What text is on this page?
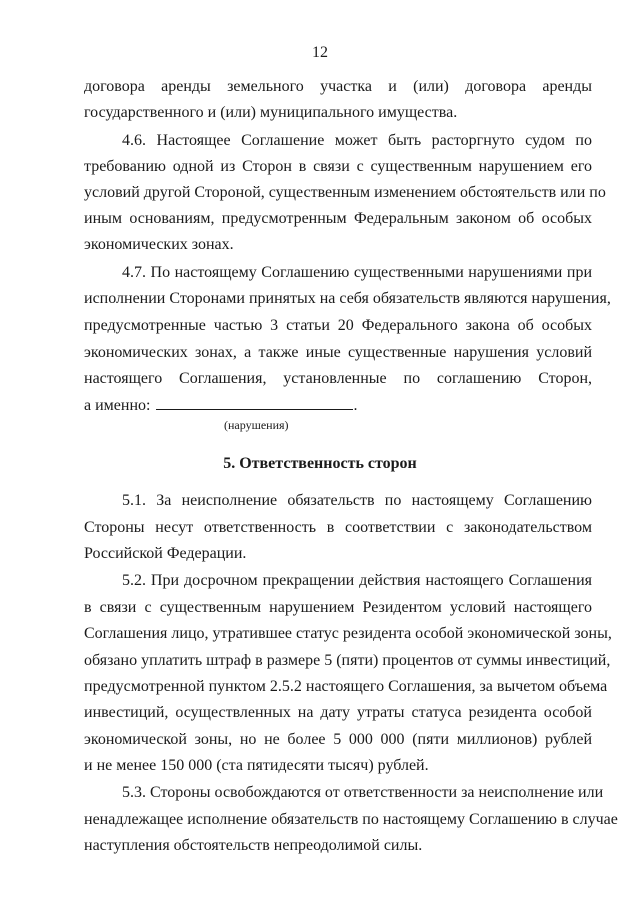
12
договора аренды земельного участка и (или) договора аренды
государственного и (или) муниципального имущества.
4.6. Настоящее Соглашение может быть расторгнуто судом по
требованию одной из Сторон в связи с существенным нарушением его
условий другой Стороной, существенным изменением обстоятельств или по
иным основаниям, предусмотренным Федеральным законом об особых
экономических зонах.
4.7. По настоящему Соглашению существенными нарушениями при
исполнении Сторонами принятых на себя обязательств являются нарушения,
предусмотренные частью 3 статьи 20 Федерального закона об особых
экономических зонах, а также иные существенные нарушения условий
настоящего Соглашения, установленные по соглашению Сторон,
а именно:	.
(нарушения)
5. Ответственность сторон
5.1. За неисполнение обязательств по настоящему Соглашению
Стороны несут ответственность в соответствии с законодательством
Российской Федерации.
5.2. При досрочном прекращении действия настоящего Соглашения
в связи с существенным нарушением Резидентом условий настоящего
Соглашения лицо, утратившее статус резидента особой экономической зоны,
обязано уплатить штраф в размере 5 (пяти) процентов от суммы инвестиций,
предусмотренной пунктом 2.5.2 настоящего Соглашения, за вычетом объема
инвестиций, осуществленных на дату утраты статуса резидента особой
экономической зоны, но не более 5 000 000 (пяти миллионов) рублей
и не менее 150 000 (ста пятидесяти тысяч) рублей.
5.3. Стороны освобождаются от ответственности за неисполнение или
ненадлежащее исполнение обязательств по настоящему Соглашению в случае
наступления обстоятельств непреодолимой силы.
